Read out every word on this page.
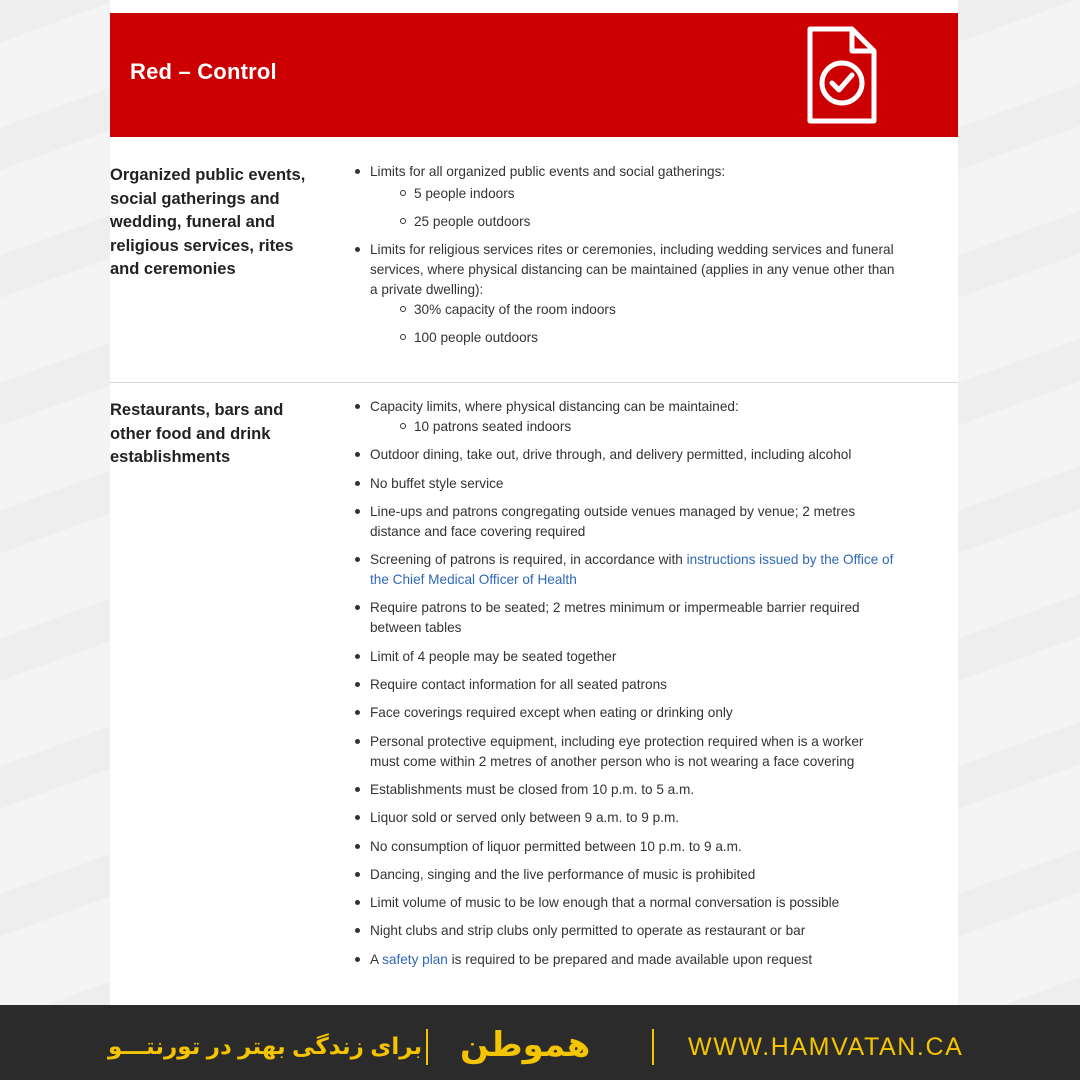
Red – Control
Organized public events, social gatherings and wedding, funeral and religious services, rites and ceremonies
Limits for all organized public events and social gatherings:
5 people indoors
25 people outdoors
Limits for religious services rites or ceremonies, including wedding services and funeral services, where physical distancing can be maintained (applies in any venue other than a private dwelling):
30% capacity of the room indoors
100 people outdoors
Restaurants, bars and other food and drink establishments
Capacity limits, where physical distancing can be maintained:
10 patrons seated indoors
Outdoor dining, take out, drive through, and delivery permitted, including alcohol
No buffet style service
Line-ups and patrons congregating outside venues managed by venue; 2 metres distance and face covering required
Screening of patrons is required, in accordance with instructions issued by the Office of the Chief Medical Officer of Health
Require patrons to be seated; 2 metres minimum or impermeable barrier required between tables
Limit of 4 people may be seated together
Require contact information for all seated patrons
Face coverings required except when eating or drinking only
Personal protective equipment, including eye protection required when is a worker must come within 2 metres of another person who is not wearing a face covering
Establishments must be closed from 10 p.m. to 5 a.m.
Liquor sold or served only between 9 a.m. to 9 p.m.
No consumption of liquor permitted between 10 p.m. to 9 a.m.
Dancing, singing and the live performance of music is prohibited
Limit volume of music to be low enough that a normal conversation is possible
Night clubs and strip clubs only permitted to operate as restaurant or bar
A safety plan is required to be prepared and made available upon request
برای زندگی بهتر در تورنتـــو هموطن	WWW.HAMVATAN.CA
